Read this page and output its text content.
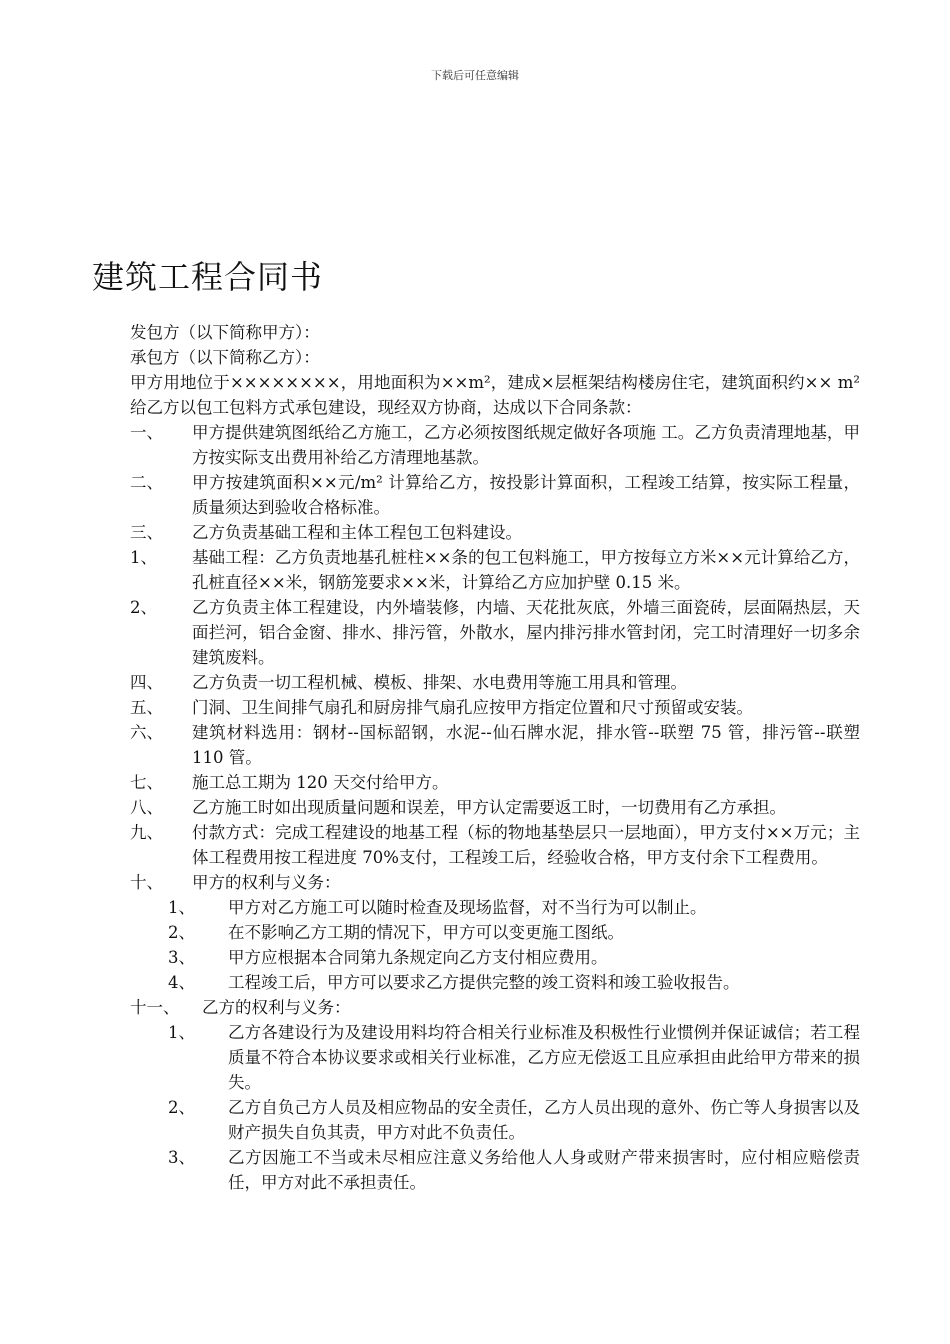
下载后可任意编辑
建筑工程合同书

发包方（以下简称甲方）：

承包方（以下简称乙方）：

甲方用地位于××××××××，用地面积为××m²，建成×层框架结构楼房住宅，建筑面积约×× m² 给乙方以包工包料方式承包建设，现经双方协商，达成以下合同条款：

一、	甲方提供建筑图纸给乙方施工，乙方必须按图纸规定做好各项施 工。乙方负责清理地基，甲方按实际支出费用补给乙方清理地基款。
二、	甲方按建筑面积××元/m² 计算给乙方，按投影计算面积，工程竣工结算，按实际工程量，质量须达到验收合格标准。
三、	乙方负责基础工程和主体工程包工包料建设。
1、	基础工程：乙方负责地基孔桩柱××条的包工包料施工，甲方按每立方米××元计算给乙方，孔桩直径××米，钢筋笼要求××米，计算给乙方应加护壁 0.15 米。
2、	乙方负责主体工程建设，内外墙装修，内墙、天花批灰底，外墙三面瓷砖，层面隔热层，天面拦河，铝合金窗、排水、排污管，外散水，屋内排污排水管封闭，完工时清理好一切多余建筑废料。
四、	乙方负责一切工程机械、模板、排架、水电费用等施工用具和管理。
五、	门洞、卫生间排气扇孔和厨房排气扇孔应按甲方指定位置和尺寸预留或安装。
六、	建筑材料选用：钢材--国标韶钢，水泥--仙石牌水泥，排水管--联塑 75 管，排污管--联塑 110 管。
七、	施工总工期为 120 天交付给甲方。
八、	乙方施工时如出现质量问题和误差，甲方认定需要返工时，一切费用有乙方承担。
九、	付款方式：完成工程建设的地基工程（标的物地基垫层只一层地面），甲方支付××万元；主体工程费用按工程进度 70%支付，工程竣工后，经验收合格，甲方支付余下工程费用。
十、	甲方的权利与义务：
1、	甲方对乙方施工可以随时检查及现场监督，对不当行为可以制止。
2、	在不影响乙方工期的情况下，甲方可以变更施工图纸。
3、	甲方应根据本合同第九条规定向乙方支付相应费用。
4、	工程竣工后，甲方可以要求乙方提供完整的竣工资料和竣工验收报告。
十一、	乙方的权利与义务：
1、	乙方各建设行为及建设用料均符合相关行业标准及积极性行业惯例并保证诚信；若工程质量不符合本协议要求或相关行业标准，乙方应无偿返工且应承担由此给甲方带来的损失。
2、	乙方自负己方人员及相应物品的安全责任，乙方人员出现的意外、伤亡等人身损害以及财产损失自负其责，甲方对此不负责任。
3、	乙方因施工不当或未尽相应注意义务给他人人身或财产带来损害时，应付相应赔偿责任，甲方对此不承担责任。
